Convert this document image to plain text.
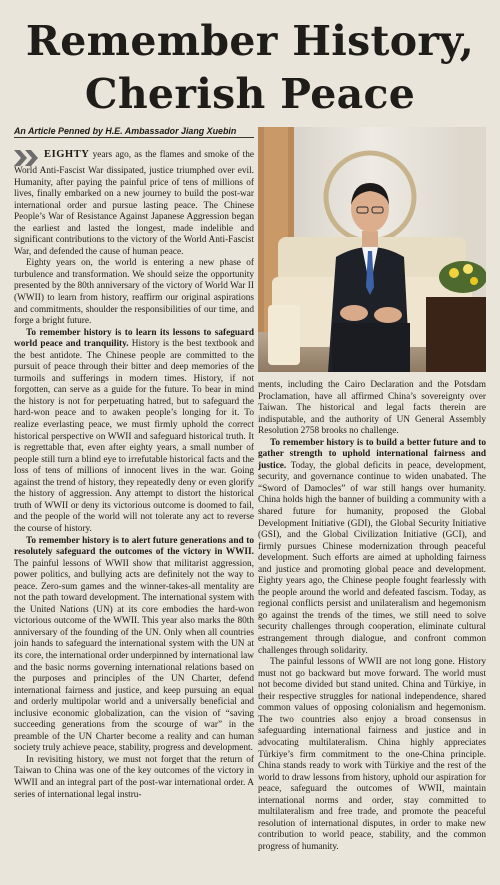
Remember History,
Cherish Peace
An Article Penned by H.E. Ambassador Jiang Xuebin

EIGHTY years ago, as the flames and smoke of the World Anti-Fascist War dissipated, justice triumphed over evil. Humanity, after paying the painful price of tens of millions of lives, finally embarked on a new journey to build the post-war international order and pursue lasting peace. The Chinese People’s War of Resistance Against Japanese Aggression began the earliest and lasted the longest, made indelible and significant contributions to the victory of the World Anti-Fascist War, and defended the cause of human peace.

Eighty years on, the world is entering a new phase of turbulence and transformation. We should seize the opportunity presented by the 80th anniversary of the victory of World War II (WWII) to learn from history, reaffirm our original aspirations and commitments, shoulder the responsibilities of our time, and forge a bright future.

To remember history is to learn its lessons to safeguard world peace and tranquility. History is the best textbook and the best antidote. The Chinese people are committed to the pursuit of peace through their bitter and deep memories of the turmoils and sufferings in modern times. History, if not forgotten, can serve as a guide for the future. To bear in mind the history is not for perpetuating hatred, but to safeguard the hard-won peace and to awaken people’s longing for it. To realize everlasting peace, we must firmly uphold the correct historical perspective on WWII and safeguard historical truth. It is regrettable that, even after eighty years, a small number of people still turn a blind eye to irrefutable historical facts and the loss of tens of millions of innocent lives in the war. Going against the trend of history, they repeatedly deny or even glorify the history of aggression. Any attempt to distort the historical truth of WWII or deny its victorious outcome is doomed to fail, and the people of the world will not tolerate any act to reverse the course of history.

To remember history is to alert future generations and to resolutely safeguard the outcomes of the victory in WWII. The painful lessons of WWII show that militarist aggression, power politics, and bullying acts are definitely not the way to peace. Zero-sum games and the winner-takes-all mentality are not the path toward development. The international system with the United Nations (UN) at its core embodies the hard-won victorious outcome of the WWII. This year also marks the 80th anniversary of the founding of the UN. Only when all countries join hands to safeguard the international system with the UN at its core, the international order underpinned by international law and the basic norms governing international relations based on the purposes and principles of the UN Charter, defend international fairness and justice, and keep pursuing an equal and orderly multipolar world and a universally beneficial and inclusive economic globalization, can the vision of “saving succeeding generations from the scourge of war” in the preamble of the UN Charter become a reality and can human society truly achieve peace, stability, progress and development.

In revisiting history, we must not forget that the return of Taiwan to China was one of the key outcomes of the victory in WWII and an integral part of the post-war international order. A series of international legal instru-

ments, including the Cairo Declaration and the Potsdam Proclamation, have all affirmed China’s sovereignty over Taiwan. The historical and legal facts therein are indisputable, and the authority of UN General Assembly Resolution 2758 brooks no challenge.

To remember history is to build a better future and to gather strength to uphold international fairness and justice. Today, the global deficits in peace, development, security, and governance continue to widen unabated. The “Sword of Damocles” of war still hangs over humanity. China holds high the banner of building a community with a shared future for humanity, proposed the Global Development Initiative (GDI), the Global Security Initiative (GSI), and the Global Civilization Initiative (GCI), and firmly pursues Chinese modernization through peaceful development. Such efforts are aimed at upholding fairness and justice and promoting global peace and development. Eighty years ago, the Chinese people fought fearlessly with the people around the world and defeated fascism. Today, as regional conflicts persist and unilateralism and hegemonism go against the trends of the times, we still need to solve security challenges through cooperation, eliminate cultural estrangement through dialogue, and confront common challenges through solidarity.

The painful lessons of WWII are not long gone. History must not go backward but move forward. The world must not become divided but stand united. China and Türkiye, in their respective struggles for national independence, shared common values of opposing colonialism and hegemonism. The two countries also enjoy a broad consensus in safeguarding international fairness and justice and in advocating multilateralism. China highly appreciates Türkiye’s firm commitment to the one-China principle. China stands ready to work with Türkiye and the rest of the world to draw lessons from history, uphold our aspiration for peace, safeguard the outcomes of WWII, maintain international norms and order, stay committed to multilateralism and free trade, and promote the peaceful resolution of international disputes, in order to make new contribution to world peace, stability, and the common progress of humanity.
